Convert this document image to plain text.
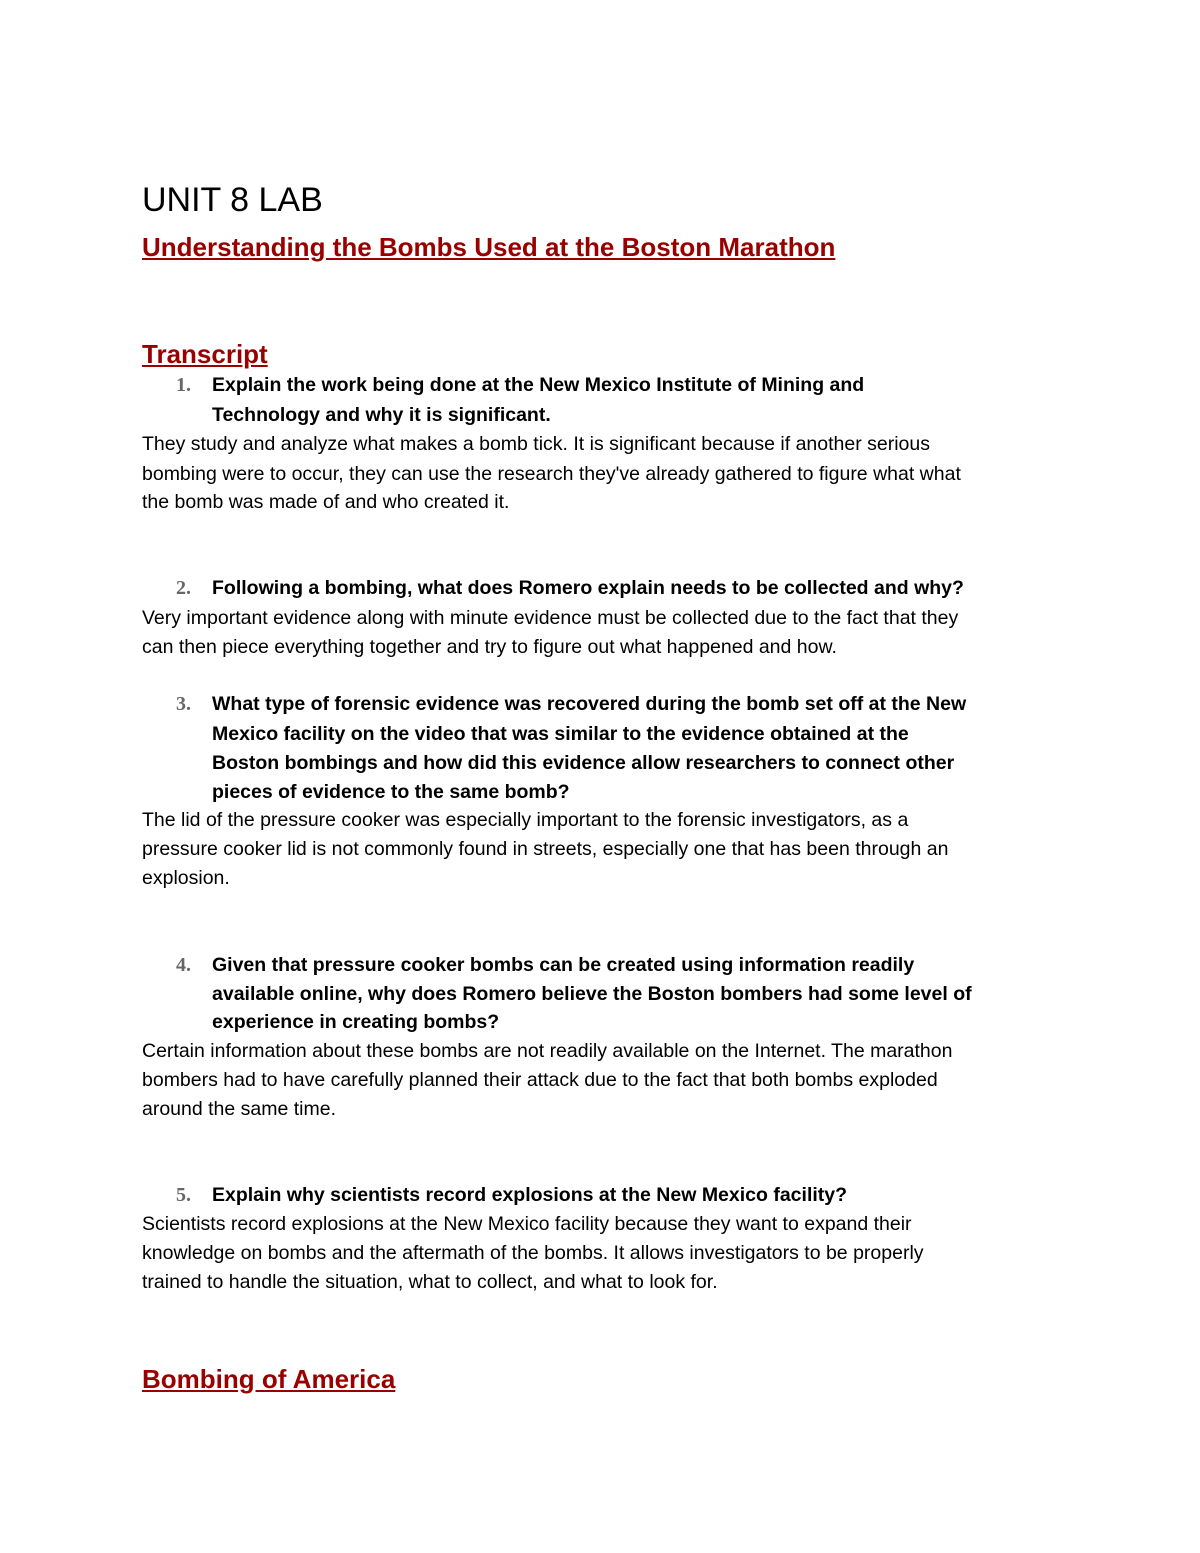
UNIT 8 LAB
Understanding the Bombs Used at the Boston Marathon
Transcript
1. Explain the work being done at the New Mexico Institute of Mining and
Technology and why it is significant.
They study and analyze what makes a bomb tick. It is significant because if another serious
bombing were to occur, they can use the research they've already gathered to figure what what
the bomb was made of and who created it.
2. Following a bombing, what does Romero explain needs to be collected and why?
Very important evidence along with minute evidence must be collected due to the fact that they
can then piece everything together and try to figure out what happened and how.
3. What type of forensic evidence was recovered during the bomb set off at the New
Mexico facility on the video that was similar to the evidence obtained at the
Boston bombings and how did this evidence allow researchers to connect other
pieces of evidence to the same bomb?
The lid of the pressure cooker was especially important to the forensic investigators, as a
pressure cooker lid is not commonly found in streets, especially one that has been through an
explosion.
4. Given that pressure cooker bombs can be created using information readily
available online, why does Romero believe the Boston bombers had some level of
experience in creating bombs?
Certain information about these bombs are not readily available on the Internet. The marathon
bombers had to have carefully planned their attack due to the fact that both bombs exploded
around the same time.
5. Explain why scientists record explosions at the New Mexico facility?
Scientists record explosions at the New Mexico facility because they want to expand their
knowledge on bombs and the aftermath of the bombs. It allows investigators to be properly
trained to handle the situation, what to collect, and what to look for.
Bombing of America
